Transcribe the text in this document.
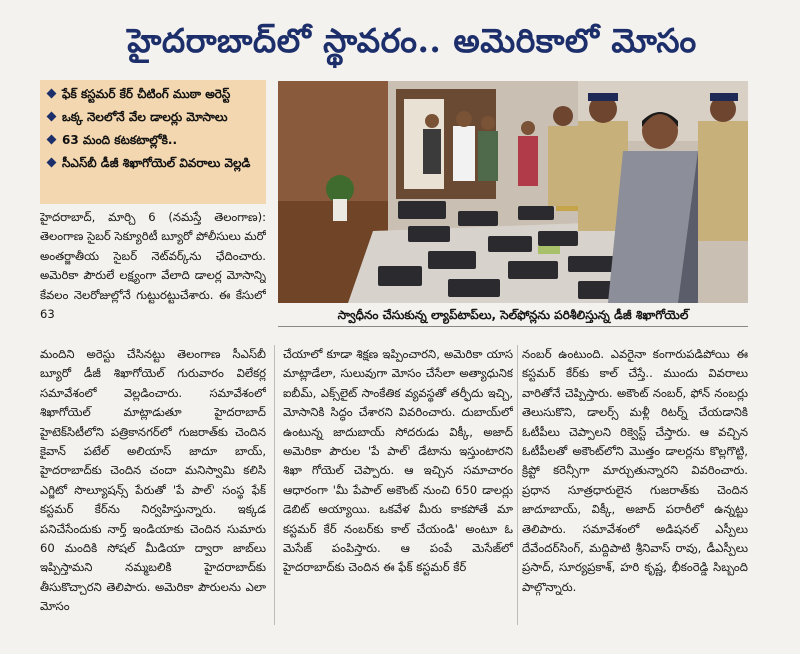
హైదరాబాద్‌లో స్థావరం.. అమెరికాలో మోసం
ఫేక్ కస్టమర్ కేర్ చీటింగ్ ముఠా అరెస్ట్
ఒక్క నెలలోనే వేల డాలర్లు మోసాలు
63 మంది కటకటాల్లోకి..
సీఎస్‌బీ డీజీ శిఖాగోయెల్ వివరాలు వెల్లడి
స్వాధీనం చేసుకున్న ల్యాప్‌టాప్‌లు, సెల్‌ఫోన్లను పరిశీలిస్తున్న డీజీ శిఖాగోయెల్

హైదరాబాద్, మార్చి 6 (నమస్తే తెలంగాణ): తెలంగాణ సైబర్ సెక్యూరిటీ బ్యూరో పోలీసులు మరో అంతర్జాతీయ సైబర్ నెట్‌వర్క్‌ను ఛేదించారు. అమెరికా పౌరులే లక్ష్యంగా వేలాది డాలర్ల మోసాన్ని కేవలం నెలరోజుల్లోనే గుట్టురట్టుచేశారు. ఈ కేసులో 63

మందిని అరెస్టు చేసినట్టు తెలంగాణ సీఎస్‌బీ బ్యూరో డీజీ శిఖాగోయెల్ గురువారం విలేకర్ల సమావేశంలో వెల్లడించారు. సమావేశంలో శిఖాగోయెల్ మాట్లాడుతూ హైదరాబాద్ హైటెక్‌సిటీలోని పత్రికానగర్‌లో గుజరాత్‌కు చెందిన కైవాన్ పటేల్ అలియాస్ జాదూ బాయ్, హైదరాబాద్‌కు చెందిన చందా మనిస్వామి కలిసి ఎగ్జిటో సొల్యూషన్స్ పేరుతో 'పే పాల్' సంస్థ ఫేక్ కస్టమర్ కేర్‌ను నిర్వహిస్తున్నారు. ఇక్కడ పనిచేసేందుకు నార్త్ ఇండియాకు చెందిన సుమారు 60 మందికి సోషల్ మీడియా ద్వారా జాబ్‌లు ఇప్పిస్తామని నమ్మబలికి హైదరాబాద్‌కు తీసుకొచ్చారని తెలిపారు. అమెరికా పౌరులను ఎలా మోసం

చేయాలో కూడా శిక్షణ ఇప్పించారని, అమెరికా యాస మాట్లాడేలా, సులువుగా మోసం చేసేలా అత్యాధునిక ఐబీమ్, ఎక్స్‌లైట్ సాంకేతిక వ్యవస్థతో తర్ఫీదు ఇచ్చి, మోసానికి సిద్ధం చేశారని వివరించారు. దుబాయ్‌లో ఉంటున్న జాదుబాయ్ సోదరుడు విక్కీ, అజాద్ అమెరికా పౌరుల 'పే పాల్' డేటాను ఇస్తుంటారని శిఖా గోయెల్ చెప్పారు. ఆ ఇచ్చిన సమాచారం ఆధారంగా 'మీ పేపాల్ అకౌంట్ నుంచి 650 డాలర్లు డెబిట్ అయ్యాయి. ఒకవేళ మీరు కాకపోతే మా కస్టమర్ కేర్ నంబర్‌కు కాల్ చేయండి' అంటూ ఓ మెసేజ్ పంపిస్తారు. ఆ పంపే మెసేజ్‌లో హైదరాబాద్‌కు చెందిన ఈ ఫేక్ కస్టమర్ కేర్

నంబర్ ఉంటుంది. ఎవరైనా కంగారుపడిపోయి ఈ కస్టమర్ కేర్‌కు కాల్ చేస్తే.. ముందు వివరాలు వారితోనే చెప్పిస్తారు. అకౌంట్ నంబర్, ఫోన్ నంబర్లు తెలుసుకొని, డాలర్స్ మళ్లీ రిటర్న్ చేయడానికి ఓటీపీలు చెప్పాలని రిక్వెస్ట్ చేస్తారు. ఆ వచ్చిన ఓటీపీలతో అకౌంట్‌లోని మొత్తం డాలర్లను కొల్లగొట్టి, క్రిప్టో కరెన్సీగా మార్చుతున్నారని వివరించారు. ప్రధాన సూత్రధారులైన గుజరాత్‌కు చెందిన జాదూబాయ్, విక్కీ, అజాద్ పరారీలో ఉన్నట్టు తెలిపారు. సమావేశంలో అడిషనల్ ఎస్పీలు దేవేందర్‌సింగ్, మద్దిపాటి శ్రీనివాస్ రావు, డీఎస్పీలు ప్రసాద్, సూర్యప్రకాశ్, హరి కృష్ణ, భీకంరెడ్డి సిబ్బంది పాల్గొన్నారు.
